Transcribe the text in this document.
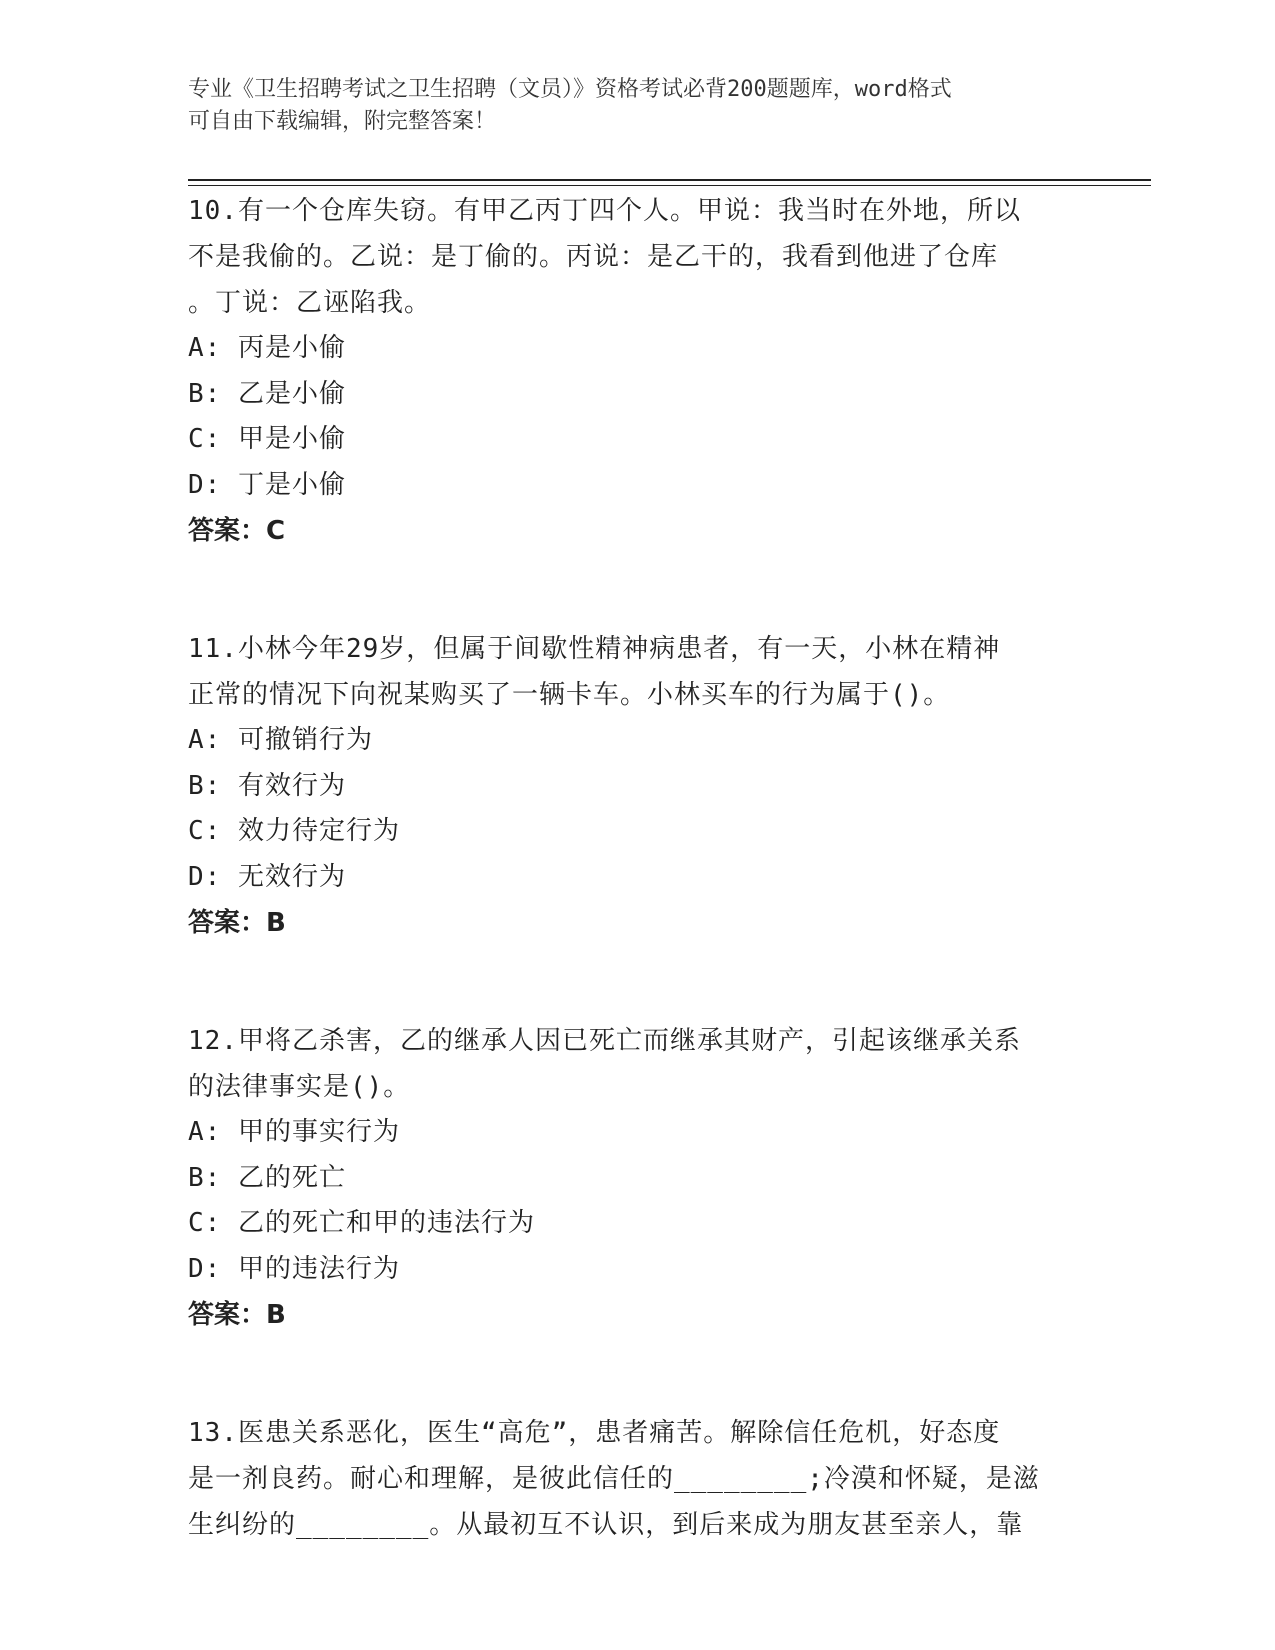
专业《卫生招聘考试之卫生招聘（文员）》资格考试必背200题题库，word格式
可自由下载编辑，附完整答案！
10.有一个仓库失窃。有甲乙丙丁四个人。甲说：我当时在外地，所以
不是我偷的。乙说：是丁偷的。丙说：是乙干的，我看到他进了仓库
。丁说：乙诬陷我。
A: 丙是小偷
B: 乙是小偷
C: 甲是小偷
D: 丁是小偷
答案：C
11.小林今年29岁，但属于间歇性精神病患者，有一天，小林在精神
正常的情况下向祝某购买了一辆卡车。小林买车的行为属于()。
A: 可撤销行为
B: 有效行为
C: 效力待定行为
D: 无效行为
答案：B
12.甲将乙杀害，乙的继承人因已死亡而继承其财产，引起该继承关系
的法律事实是()。
A: 甲的事实行为
B: 乙的死亡
C: 乙的死亡和甲的违法行为
D: 甲的违法行为
答案：B
13.医患关系恶化，医生“高危”，患者痛苦。解除信任危机，好态度
是一剂良药。耐心和理解，是彼此信任的________;冷漠和怀疑，是滋
生纠纷的________。从最初互不认识，到后来成为朋友甚至亲人，靠
